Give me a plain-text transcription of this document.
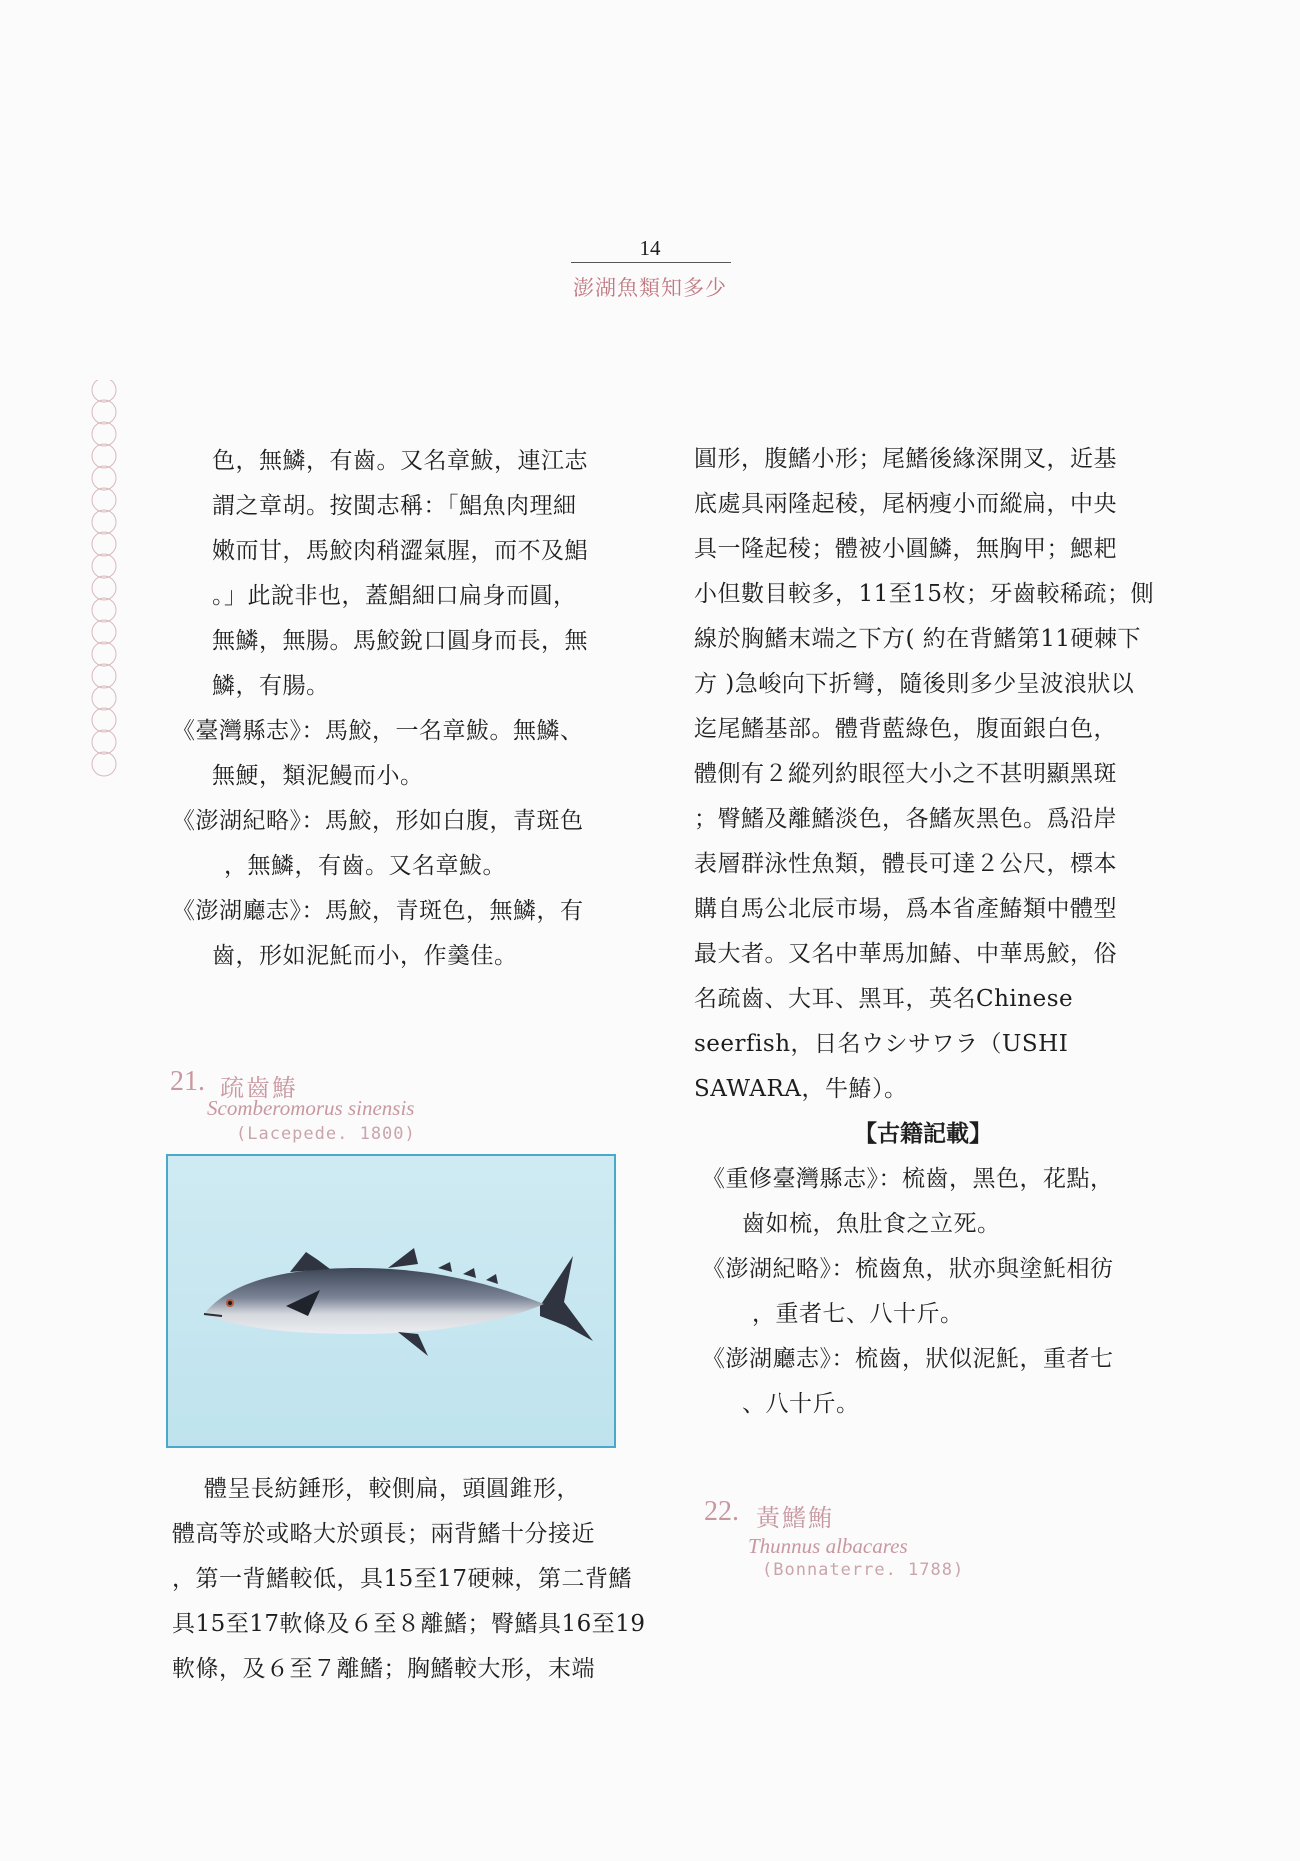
14
澎湖魚類知多少
色，無鱗，有齒。又名章鮁，連江志
謂之章胡。按閩志稱：「鯧魚肉理細
嫩而甘，馬鮫肉稍澀氣腥，而不及鯧
。」此說非也，蓋鯧細口扁身而圓，
無鱗，無腸。馬鮫銳口圓身而長，無
鱗，有腸。
《臺灣縣志》：馬鮫，一名章鮁。無鱗、
無鯁，類泥鰻而小。
《澎湖紀略》：馬鮫，形如白腹，青斑色
，無鱗，有齒。又名章鮁。
《澎湖廳志》：馬鮫，青斑色，無鱗，有
齒，形如泥魠而小，作羹佳。
21. 疏齒鰆
Scomberomorus sinensis
(Lacepede. 1800)
體呈長紡錘形，較側扁，頭圓錐形，
體高等於或略大於頭長；兩背鰭十分接近
，第一背鰭較低，具15至17硬棘，第二背鰭
具15至17軟條及６至８離鰭；臀鰭具16至19
軟條，及６至７離鰭；胸鰭較大形，末端
圓形，腹鰭小形；尾鰭後緣深開叉，近基
底處具兩隆起稜，尾柄瘦小而縱扁，中央
具一隆起稜；體被小圓鱗，無胸甲；鰓耙
小但數目較多，11至15枚；牙齒較稀疏；側
線於胸鰭末端之下方( 約在背鰭第11硬棘下
方 )急峻向下折彎，隨後則多少呈波浪狀以
迄尾鰭基部。體背藍綠色，腹面銀白色，
體側有２縱列約眼徑大小之不甚明顯黑斑
；臀鰭及離鰭淡色，各鰭灰黑色。爲沿岸
表層群泳性魚類，體長可達２公尺，標本
購自馬公北辰市場，爲本省產鰆類中體型
最大者。又名中華馬加鰆、中華馬鮫，俗
名疏齒、大耳、黑耳，英名Chinese
seerfish，日名ウシサワラ（USHI
SAWARA，牛鰆）。
【古籍記載】
《重修臺灣縣志》：梳齒，黑色，花點，
齒如梳，魚肚食之立死。
《澎湖紀略》：梳齒魚，狀亦與塗魠相彷
，重者七、八十斤。
《澎湖廳志》：梳齒，狀似泥魠，重者七
、八十斤。
22. 黃鰭鮪
Thunnus albacares
(Bonnaterre. 1788)
